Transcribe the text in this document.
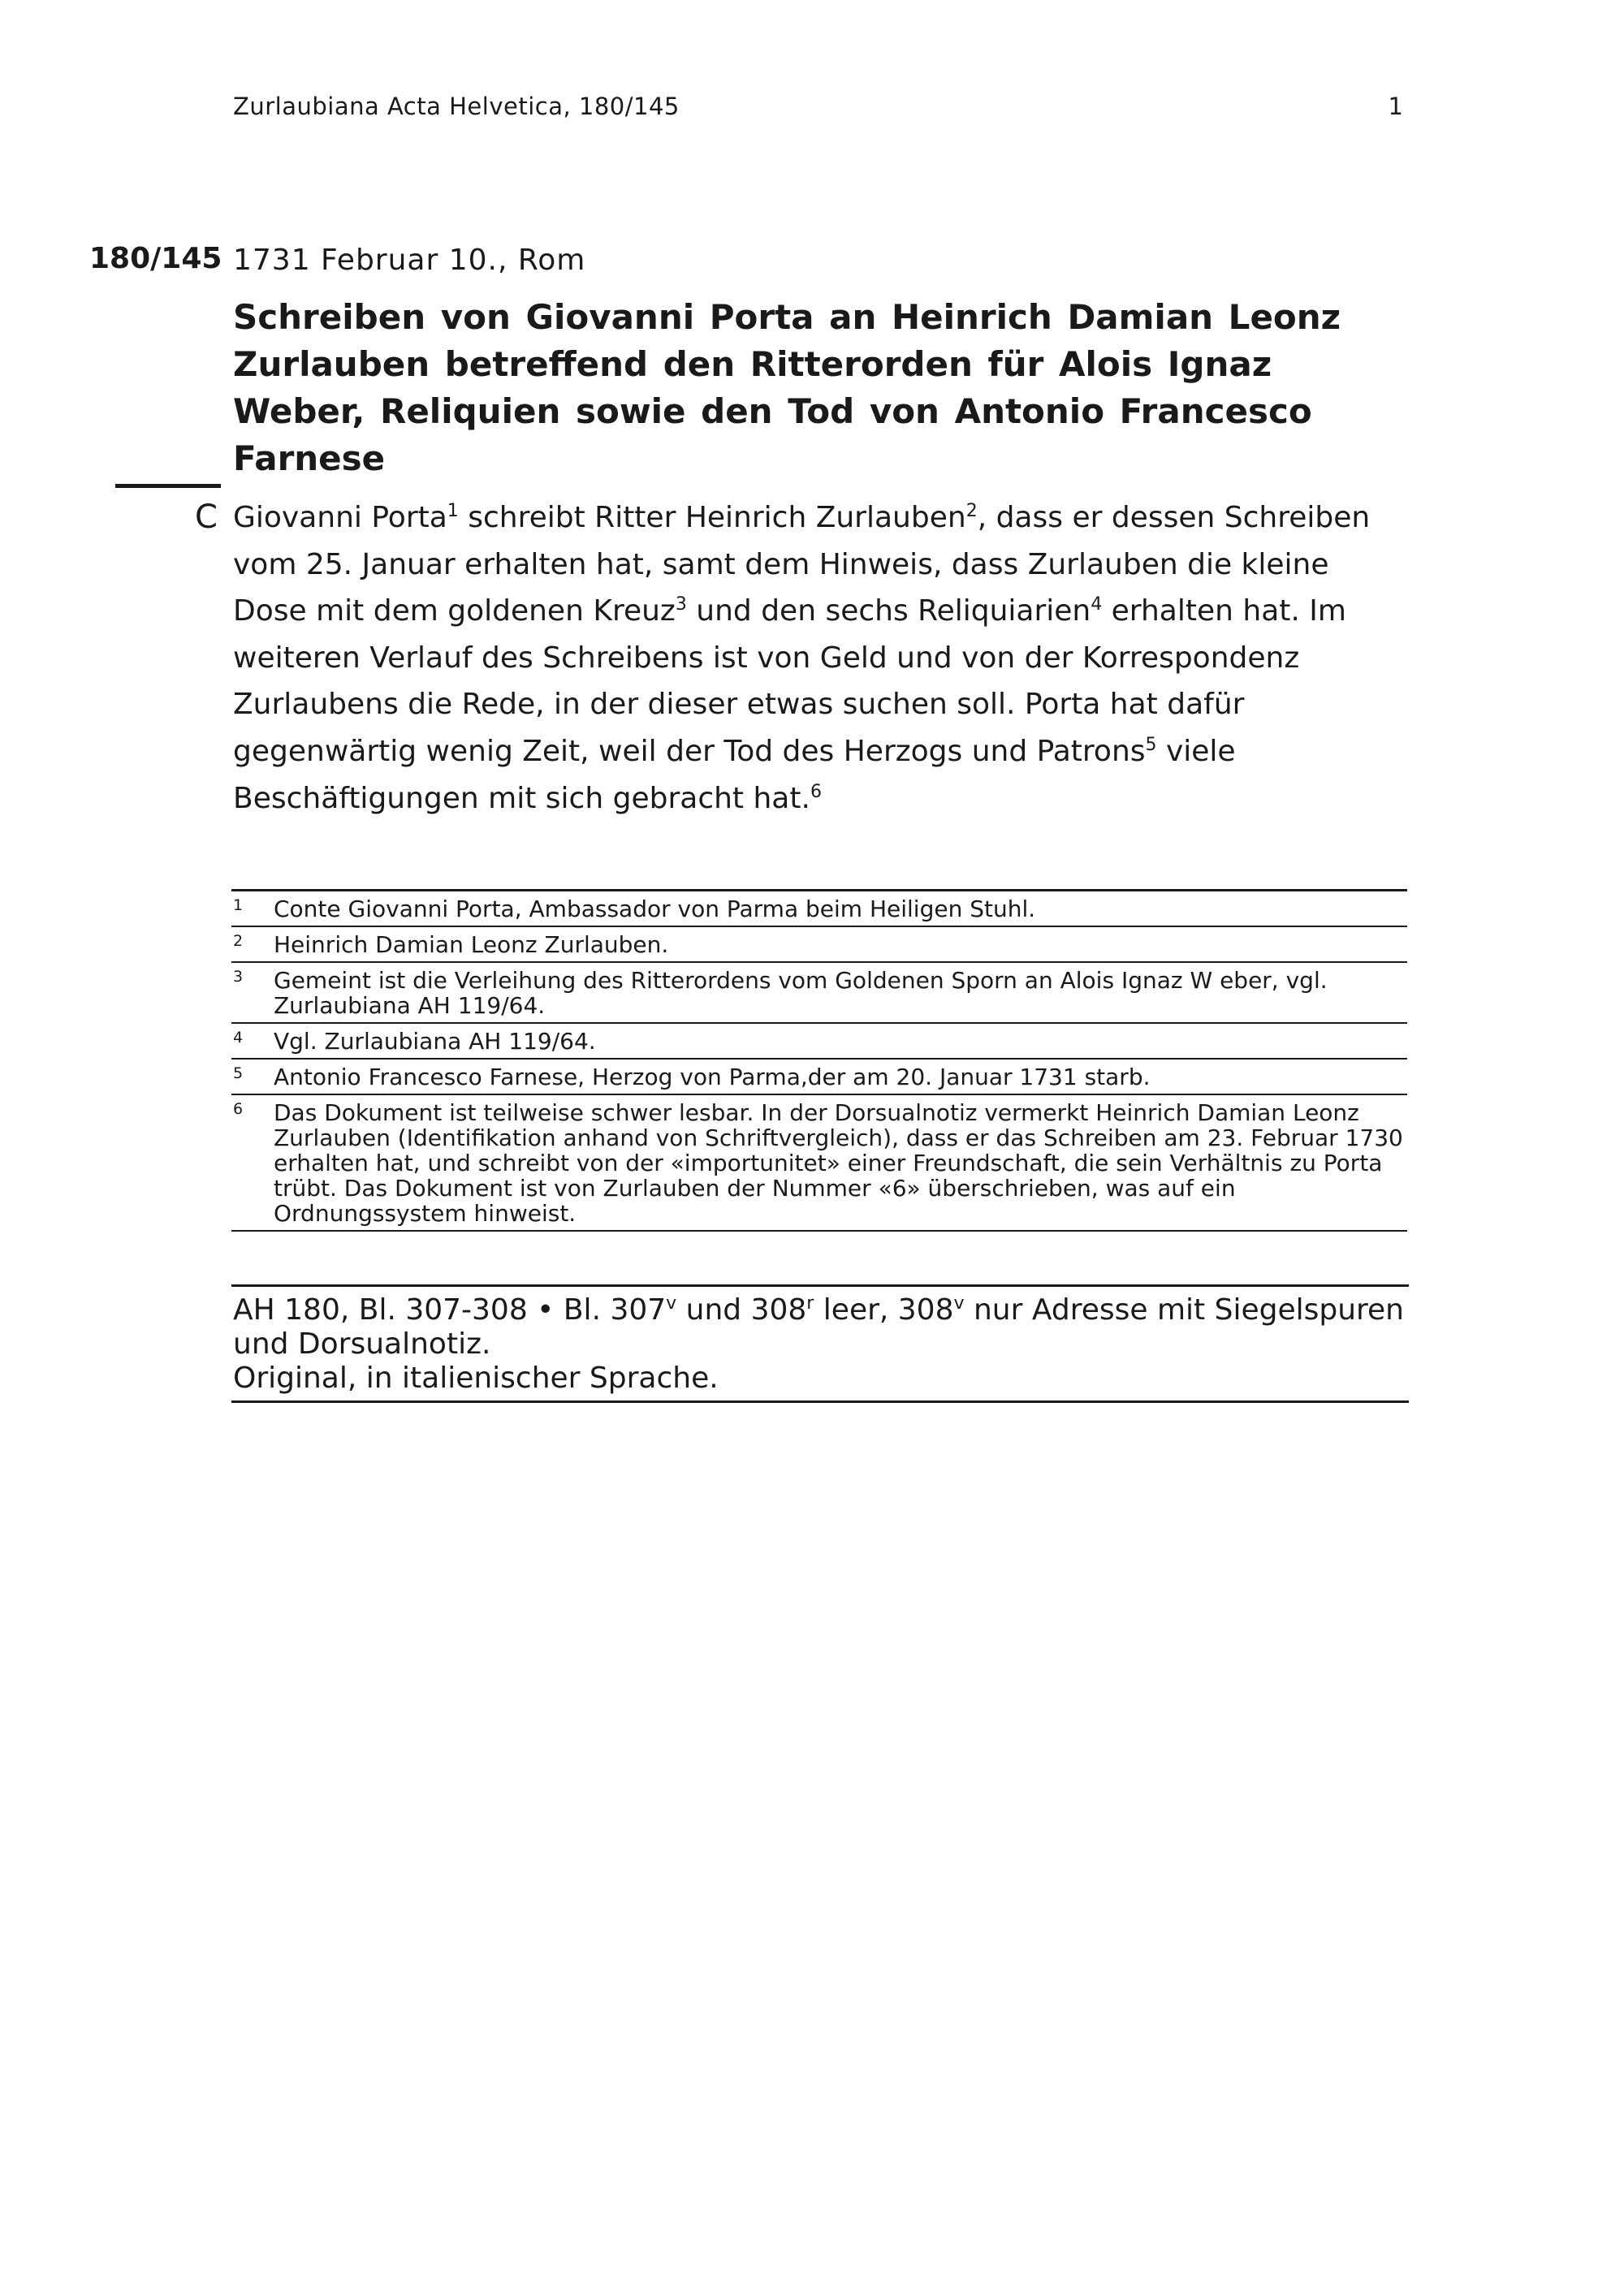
Zurlaubiana Acta Helvetica, 180/145	1
180/145 1731 Februar 10., Rom
Schreiben von Giovanni Porta an Heinrich Damian Leonz Zurlauben betreffend den Ritterorden für Alois Ignaz Weber, Reliquien sowie den Tod von Antonio Francesco Farnese
C Giovanni Porta$^1$ schreibt Ritter Heinrich Zurlauben$^2$, dass er dessen Schreiben vom 25. Januar erhalten hat, samt dem Hinweis, dass Zurlauben die kleine Dose mit dem goldenen Kreuz$^3$ und den sechs Reliquiarien$^4$ erhalten hat. Im weiteren Verlauf des Schreibens ist von Geld und von der Korrespondenz Zurlaubens die Rede, in der dieser etwas suchen soll. Porta hat dafür gegenwärtig wenig Zeit, weil der Tod des Herzogs und Patrons$^5$ viele Beschäftigungen mit sich gebracht hat.$^6$

1 Conte Giovanni Porta, Ambassador von Parma beim Heiligen Stuhl.
2 Heinrich Damian Leonz Zurlauben.
3 Gemeint ist die Verleihung des Ritterordens vom Goldenen Sporn an Alois Ignaz W eber, vgl. Zurlaubiana AH 119/64.
4 Vgl. Zurlaubiana AH 119/64.
5 Antonio Francesco Farnese, Herzog von Parma,der am 20. Januar 1731 starb.
6 Das Dokument ist teilweise schwer lesbar. In der Dorsualnotiz vermerkt Heinrich Damian Leonz Zurlauben (Identifikation anhand von Schriftvergleich), dass er das Schreiben am 23. Februar 1730 erhalten hat, und schreibt von der «importunitet» einer Freundschaft, die sein Verhältnis zu Porta trübt. Das Dokument ist von Zurlauben der Nummer «6» überschrieben, was auf ein Ordnungssystem hinweist.

AH 180, Bl. 307-308 • Bl. 307$^v$ und 308$^r$ leer, 308$^v$ nur Adresse mit Siegelspuren und Dorsualnotiz.

Original, in italienischer Sprache.
